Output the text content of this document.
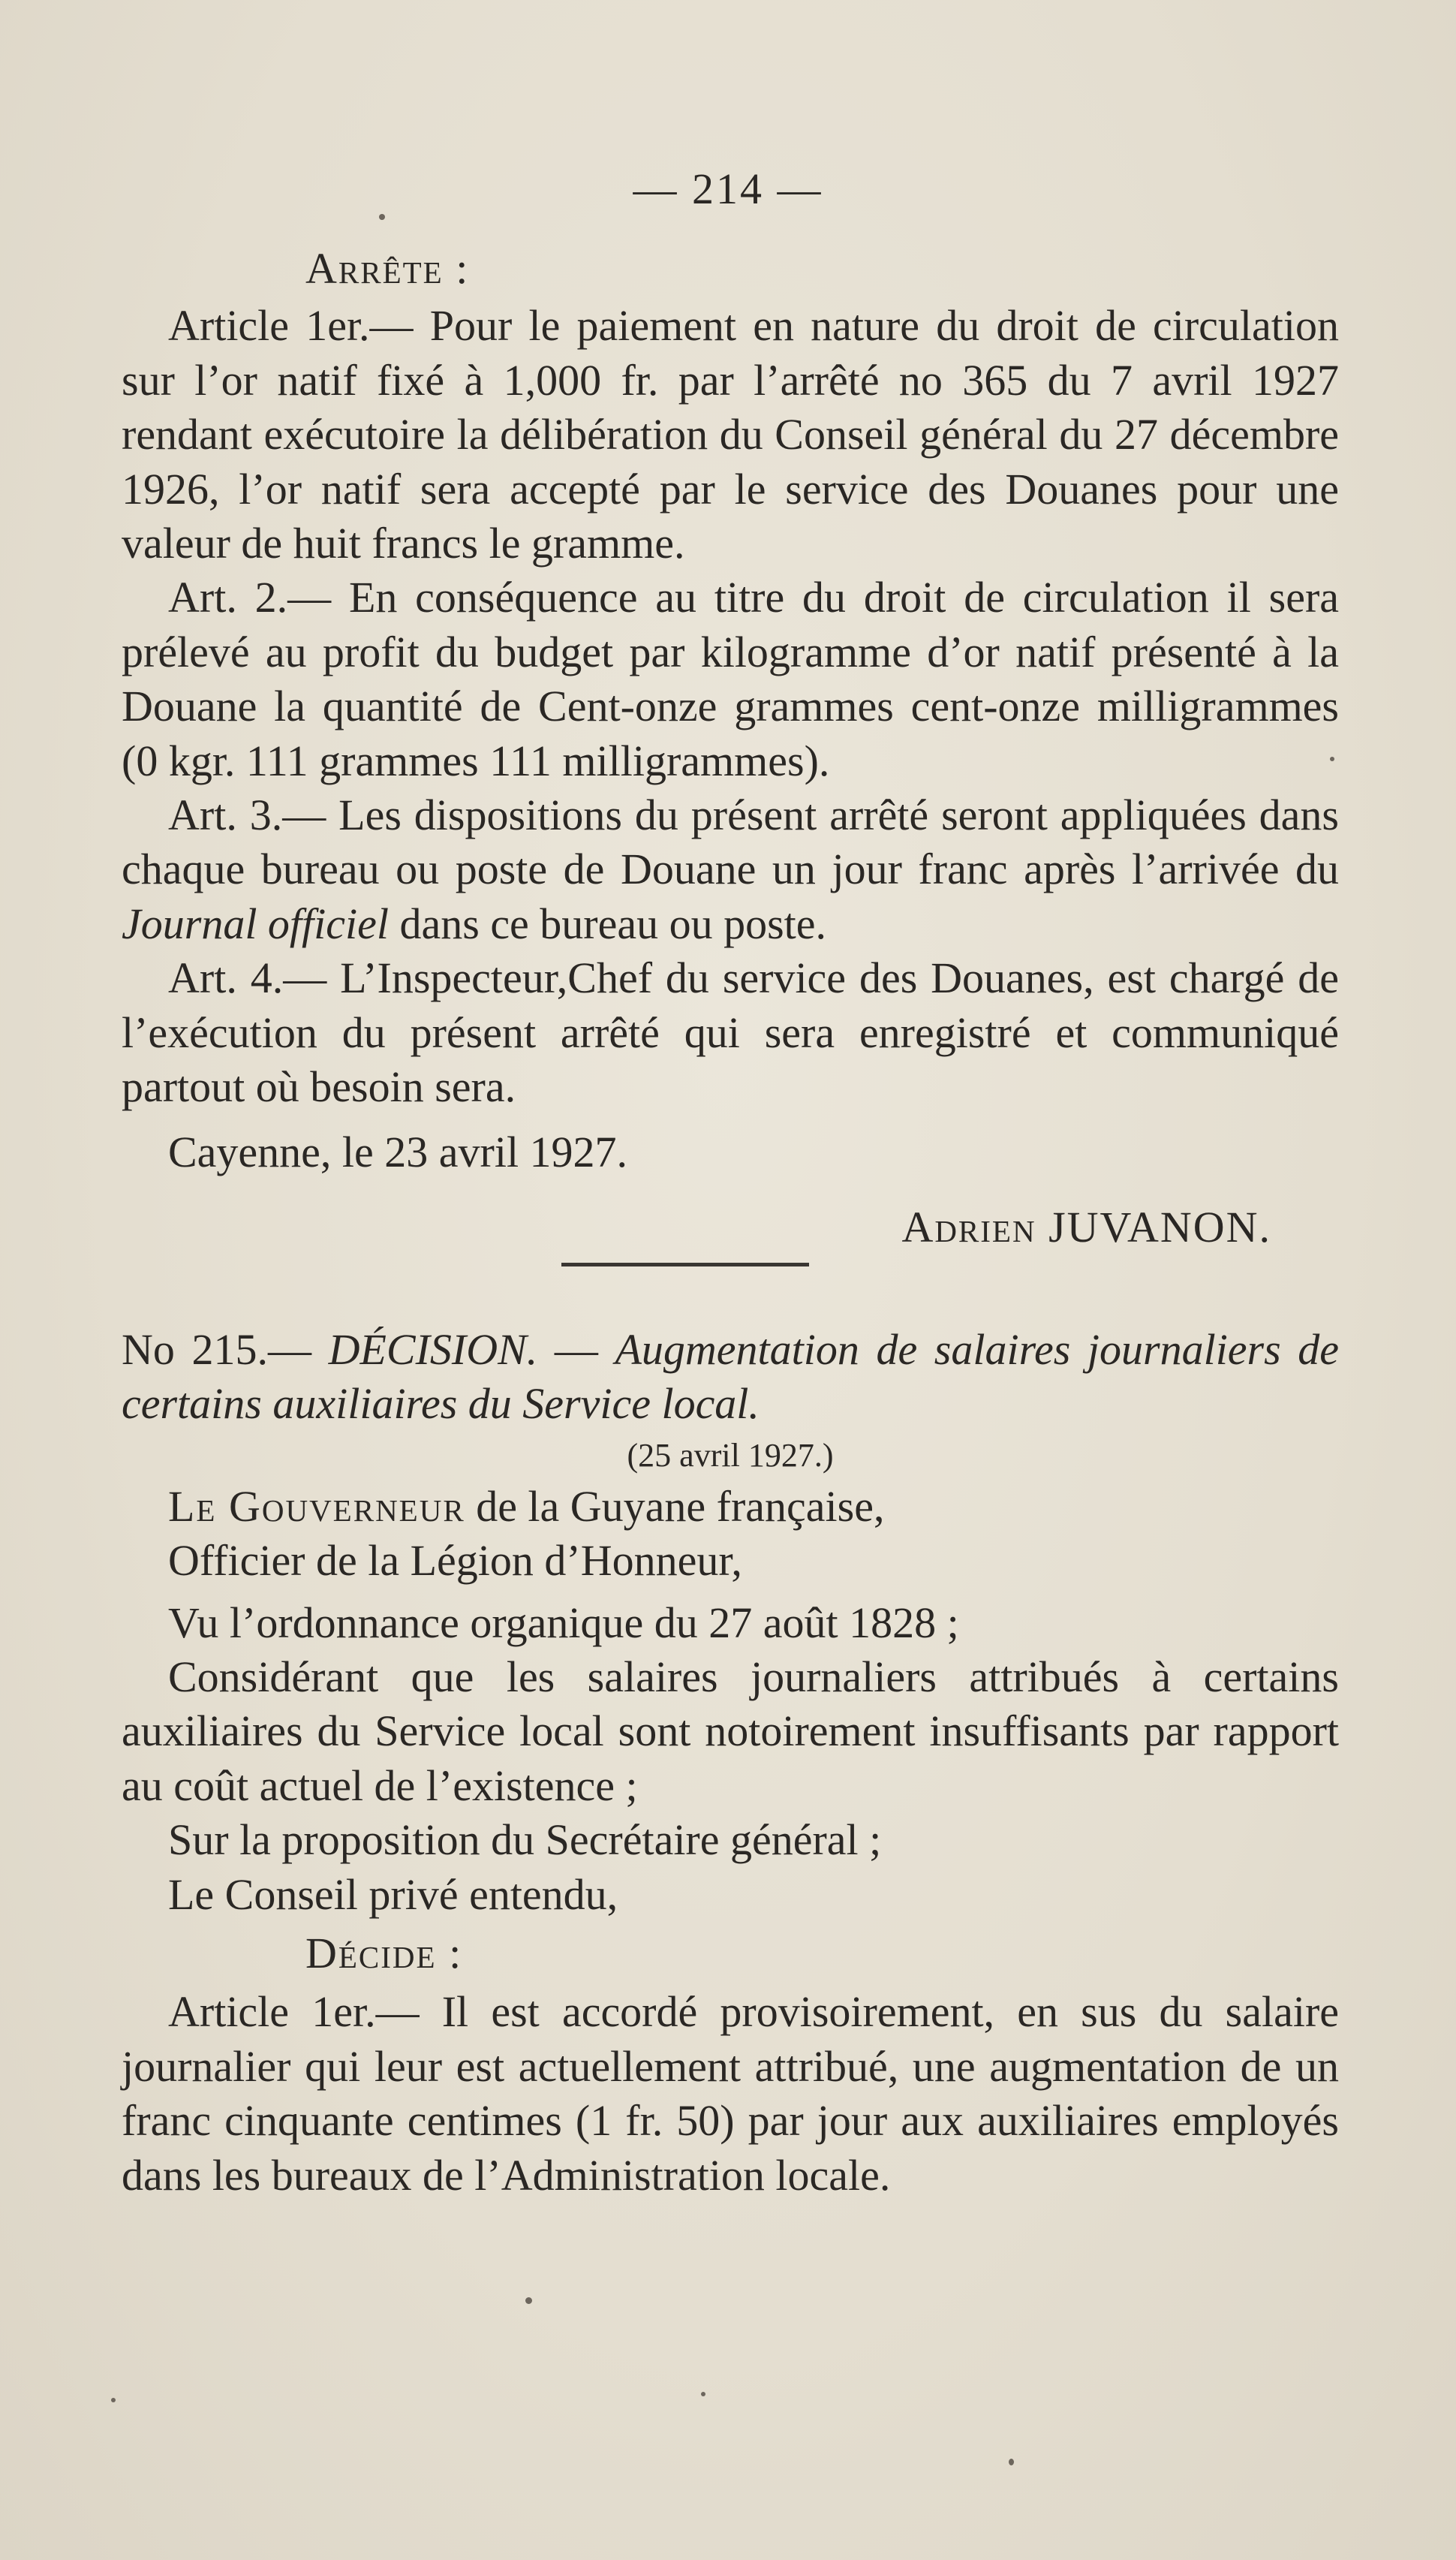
— 214 —

Arrête :

Article 1er.— Pour le paiement en nature du droit de circulation sur l’or natif fixé à 1,000 fr. par l’arrêté no 365 du 7 avril 1927 rendant exécutoire la délibération du Conseil général du 27 décembre 1926, l’or natif sera accepté par le service des Douanes pour une valeur de huit francs le gramme.

Art. 2.— En conséquence au titre du droit de circulation il sera prélevé au profit du budget par kilogramme d’or natif présenté à la Douane la quantité de Cent-onze grammes cent-onze milligrammes (0 kgr. 111 grammes 111 milligrammes).

Art. 3.— Les dispositions du présent arrêté seront appliquées dans chaque bureau ou poste de Douane un jour franc après l’arrivée du Journal officiel dans ce bureau ou poste.

Art. 4.— L’Inspecteur,Chef du service des Douanes, est chargé de l’exécution du présent arrêté qui sera enregistré et communiqué partout où besoin sera.

Cayenne, le 23 avril 1927.

Adrien JUVANON.

No 215.— DÉCISION. — Augmentation de salaires journaliers de certains auxiliaires du Service local.

(25 avril 1927.)

Le Gouverneur de la Guyane française,

Officier de la Légion d’Honneur,

Vu l’ordonnance organique du 27 août 1828 ;

Considérant que les salaires journaliers attribués à certains auxiliaires du Service local sont notoirement insuffisants par rapport au coût actuel de l’existence ;

Sur la proposition du Secrétaire général ;

Le Conseil privé entendu,

Décide :

Article 1er.— Il est accordé provisoirement, en sus du salaire journalier qui leur est actuellement attribué, une augmentation de un franc cinquante centimes (1 fr. 50) par jour aux auxiliaires employés dans les bureaux de l’Administration locale.
